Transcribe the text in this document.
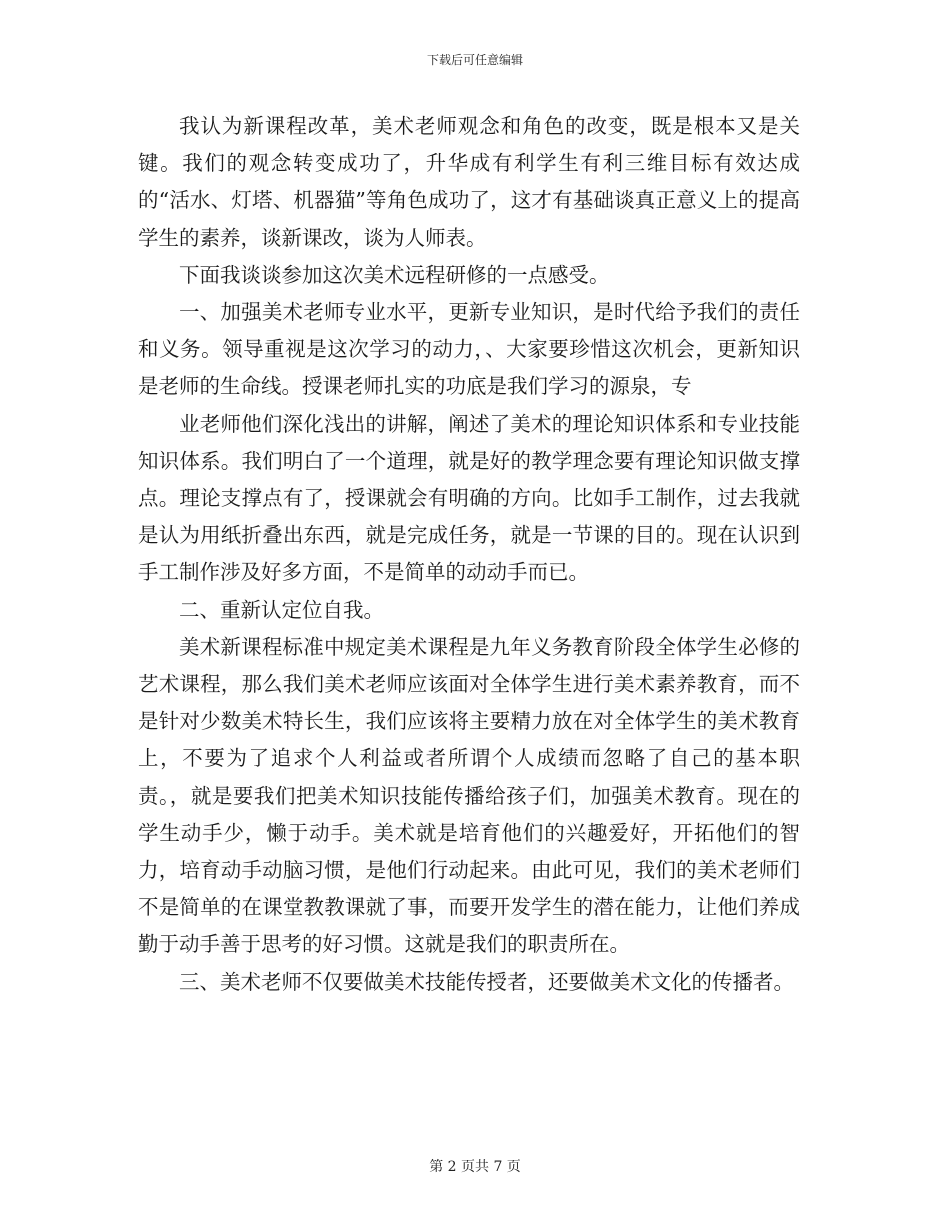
下载后可任意编辑

我认为新课程改革，美术老师观念和角色的改变，既是根本又是关键。我们的观念转变成功了，升华成有利学生有利三维目标有效达成的“活水、灯塔、机器猫”等角色成功了，这才有基础谈真正意义上的提高学生的素养，谈新课改，谈为人师表。

下面我谈谈参加这次美术远程研修的一点感受。

一、加强美术老师专业水平，更新专业知识，是时代给予我们的责任和义务。领导重视是这次学习的动力，、大家要珍惜这次机会，更新知识是老师的生命线。授课老师扎实的功底是我们学习的源泉，专

业老师他们深化浅出的讲解，阐述了美术的理论知识体系和专业技能知识体系。我们明白了一个道理，就是好的教学理念要有理论知识做支撑点。理论支撑点有了，授课就会有明确的方向。比如手工制作，过去我就是认为用纸折叠出东西，就是完成任务，就是一节课的目的。现在认识到手工制作涉及好多方面，不是简单的动动手而已。

二、重新认定位自我。

美术新课程标准中规定美术课程是九年义务教育阶段全体学生必修的艺术课程，那么我们美术老师应该面对全体学生进行美术素养教育，而不是针对少数美术特长生，我们应该将主要精力放在对全体学生的美术教育上，不要为了追求个人利益或者所谓个人成绩而忽略了自己的基本职责。，就是要我们把美术知识技能传播给孩子们，加强美术教育。现在的学生动手少，懒于动手。美术就是培育他们的兴趣爱好，开拓他们的智力，培育动手动脑习惯，是他们行动起来。由此可见，我们的美术老师们不是简单的在课堂教教课就了事，而要开发学生的潜在能力，让他们养成勤于动手善于思考的好习惯。这就是我们的职责所在。

三、美术老师不仅要做美术技能传授者，还要做美术文化的传播者。

第 2 页共 7 页
